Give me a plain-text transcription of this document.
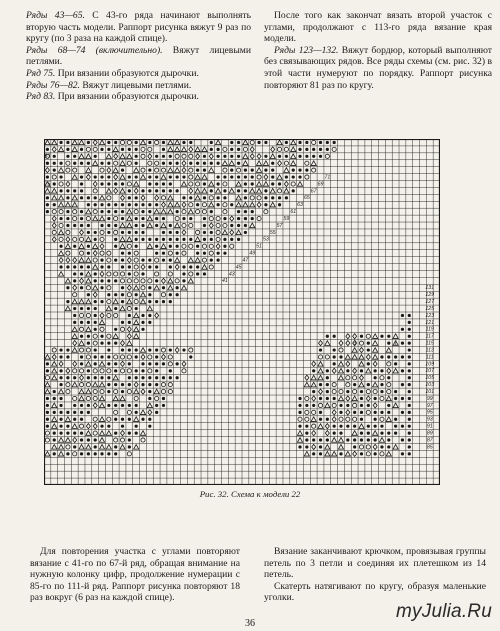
Ряды 43—65. С 43-го ряда начинают выполнять вторую часть модели. Раппорт рисунка вяжут 9 раз по кругу (по 3 раза на каждой спице).

Ряды 68—74 (включительно). Вяжут лицевыми петлями.

Ряд 75. При вязании образуются дырочки.

Ряды 76—82. Вяжут лицевыми петлями.

Ряд 83. При вязании образуются дырочки.

После того как закончат вязать второй участок с углами, продолжают с 113-го ряда вязание края модели.

Ряды 123—132. Вяжут бордюр, который выполняют без связывающих рядов. Все ряды схемы (см. рис. 32) в этой части нумеруют по порядку. Раппорт рисунка повторяют 81 раз по кругу.

131
129
127
125
123
121
119
117
115
113
111
109
107
105
103
101
99
97
95
93
91
89
87
85
71
69
67
65
63
61
59
57
55
53
51
49
47
45
43
41
83
75
3	1
Рис. 32. Схема к модели 22

Для повторения участка с углами повторяют вязание с 41-го по 67-й ряд, обращая внимание на нужную колонку цифр, продолжение нумерации с 85-го по 111-й ряд. Раппорт рисунка повторяют 18 раз вокруг (6 раз на каждой спице).

Вязание заканчивают крючком, провязывая группы петель по 3 петли и соединяя их плетешком из 14 петель.

Скатерть натягивают по кругу, образуя маленькие уголки.

36
myJulia.Ru
